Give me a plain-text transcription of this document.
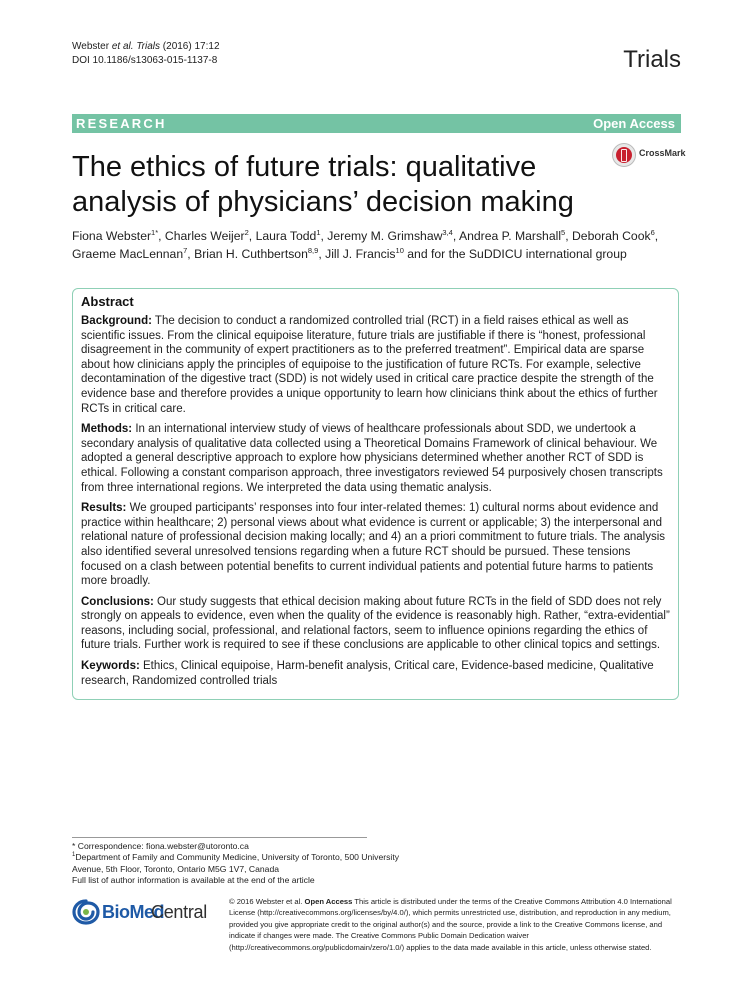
Webster et al. Trials (2016) 17:12
DOI 10.1186/s13063-015-1137-8	Trials
RESEARCH	Open Access
The ethics of future trials: qualitative analysis of physicians’ decision making
CrossMark
Fiona Webster$^{1*}$, Charles Weijer$^2$, Laura Todd$^1$, Jeremy M. Grimshaw$^{3,4}$, Andrea P. Marshall$^5$, Deborah Cook$^6$, Graeme MacLennan$^7$, Brian H. Cuthbertson$^{8,9}$, Jill J. Francis$^{10}$ and for the SuDDICU international group
Abstract

Background: The decision to conduct a randomized controlled trial (RCT) in a field raises ethical as well as scientific issues. From the clinical equipoise literature, future trials are justifiable if there is “honest, professional disagreement in the community of expert practitioners as to the preferred treatment”. Empirical data are sparse about how clinicians apply the principles of equipoise to the justification of future RCTs. For example, selective decontamination of the digestive tract (SDD) is not widely used in critical care practice despite the strength of the evidence base and therefore provides a unique opportunity to learn how clinicians think about the ethics of further RCTs in critical care.

Methods: In an international interview study of views of healthcare professionals about SDD, we undertook a secondary analysis of qualitative data collected using a Theoretical Domains Framework of clinical behaviour. We adopted a general descriptive approach to explore how physicians determined whether another RCT of SDD is ethical. Following a constant comparison approach, three investigators reviewed 54 purposively chosen transcripts from three international regions. We interpreted the data using thematic analysis.

Results: We grouped participants’ responses into four inter-related themes: 1) cultural norms about evidence and practice within healthcare; 2) personal views about what evidence is current or applicable; 3) the interpersonal and relational nature of professional decision making locally; and 4) an a priori commitment to future trials. The analysis also identified several unresolved tensions regarding when a future RCT should be pursued. These tensions focused on a clash between potential benefits to current individual patients and potential future harms to patients more broadly.

Conclusions: Our study suggests that ethical decision making about future RCTs in the field of SDD does not rely strongly on appeals to evidence, even when the quality of the evidence is reasonably high. Rather, “extra-evidential” reasons, including social, professional, and relational factors, seem to influence opinions regarding the ethics of future trials. Further work is required to see if these conclusions are applicable to other clinical topics and settings.

Keywords: Ethics, Clinical equipoise, Harm-benefit analysis, Critical care, Evidence-based medicine, Qualitative research, Randomized controlled trials

* Correspondence: fiona.webster@utoronto.ca

$^1$Department of Family and Community Medicine, University of Toronto, 500 University Avenue, 5th Floor, Toronto, Ontario M5G 1V7, Canada

Full list of author information is available at the end of the article

BioMed
Central
© 2016 Webster et al. Open Access This article is distributed under the terms of the Creative Commons Attribution 4.0 International License (http://creativecommons.org/licenses/by/4.0/), which permits unrestricted use, distribution, and reproduction in any medium, provided you give appropriate credit to the original author(s) and the source, provide a link to the Creative Commons license, and indicate if changes were made. The Creative Commons Public Domain Dedication waiver (http://creativecommons.org/publicdomain/zero/1.0/) applies to the data made available in this article, unless otherwise stated.
